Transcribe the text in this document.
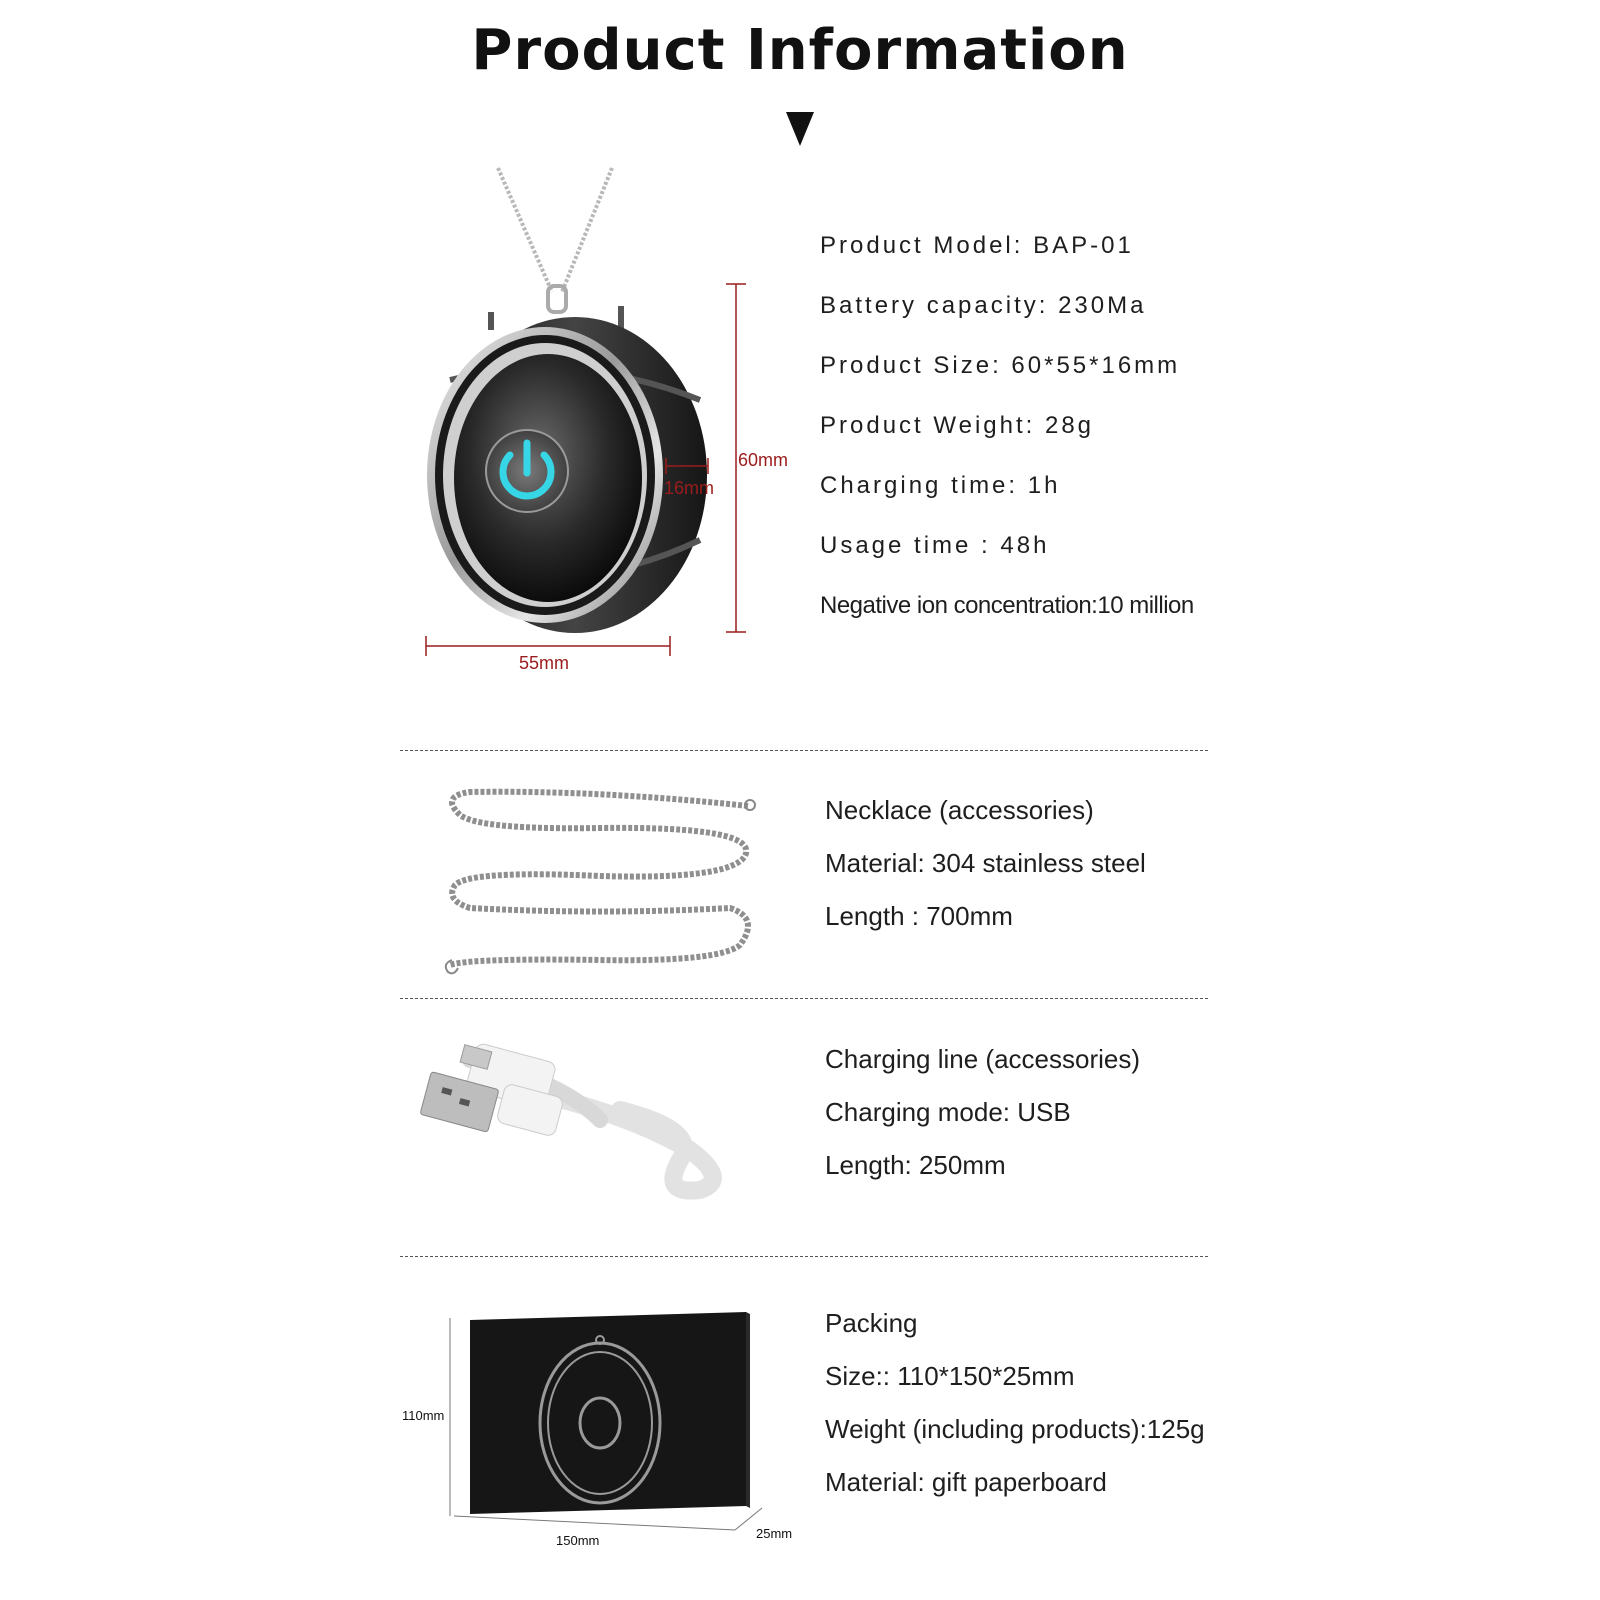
Product Information
60mm
55mm
16mm
Product Model: BAP-01
Battery capacity: 230Ma
Product Size: 60*55*16mm
Product Weight: 28g
Charging time: 1h
Usage time : 48h
Negative ion concentration:10 million
Necklace (accessories)
Material: 304 stainless steel
Length : 700mm
Charging line (accessories)
Charging mode: USB
Length: 250mm
110mm
150mm	25mm
Packing
Size:: 110*150*25mm
Weight (including products):125g
Material: gift paperboard
